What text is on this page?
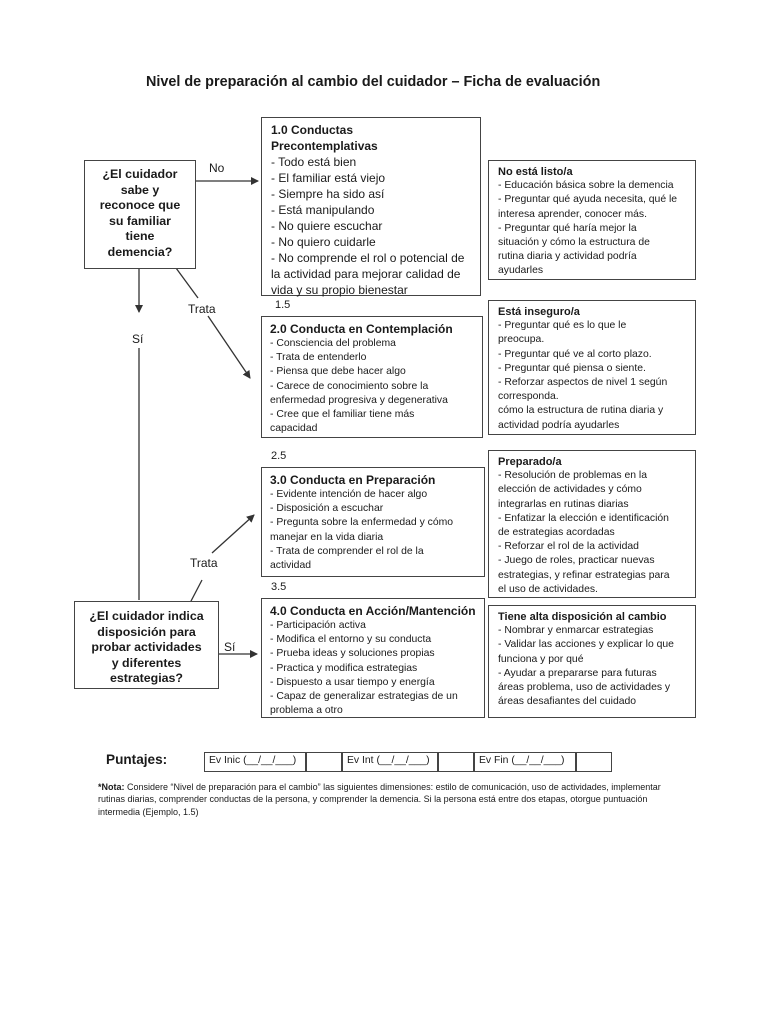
Nivel de preparación al cambio del cuidador – Ficha de evaluación
¿El cuidador
sabe y
reconoce que
su familiar
tiene
demencia?
¿El cuidador indica
disposición para
probar actividades
y diferentes
estrategias?
No
Sí
Trata
Trata
Sí
1.5
2.5
3.5
1.0 Conductas
Precontemplativas
- Todo está bien
- El familiar está viejo
- Siempre ha sido así
- Está manipulando
- No quiere escuchar
- No quiero cuidarle
- No comprende el rol o potencial de
la actividad para mejorar calidad de
vida y su propio bienestar
2.0 Conducta en Contemplación
- Consciencia del problema
- Trata de entenderlo
- Piensa que debe hacer algo
- Carece de conocimiento sobre la
enfermedad progresiva y degenerativa
- Cree que el familiar tiene más
capacidad
3.0 Conducta en Preparación
- Evidente intención de hacer algo
- Disposición a escuchar
- Pregunta sobre la enfermedad y cómo
manejar en la vida diaria
- Trata de comprender el rol de la
actividad
4.0 Conducta en Acción/Mantención
- Participación activa
- Modifica el entorno y su conducta
- Prueba ideas y soluciones propias
- Practica y modifica estrategias
- Dispuesto a usar tiempo y energía
- Capaz de generalizar estrategias de un
problema a otro
No está listo/a
- Educación básica sobre la demencia
- Preguntar qué ayuda necesita, qué le
interesa aprender, conocer más.
- Preguntar qué haría mejor la
situación y cómo la estructura de
rutina diaria y actividad podría
ayudarles
Está inseguro/a
- Preguntar qué es lo que le
preocupa.
- Preguntar qué ve al corto plazo.
- Preguntar qué piensa o siente.
- Reforzar aspectos de nivel 1 según
corresponda.
cómo la estructura de rutina diaria y
actividad podría ayudarles
Preparado/a
- Resolución de problemas en la
elección de actividades y cómo
integrarlas en rutinas diarias
- Enfatizar la elección e identificación
de estrategias acordadas
- Reforzar el rol de la actividad
- Juego de roles, practicar nuevas
estrategias, y refinar estrategias para
el uso de actividades.
Tiene alta disposición al cambio
- Nombrar y enmarcar estrategias
- Validar las acciones y explicar lo que
funciona y por qué
- Ayudar a prepararse para futuras
áreas problema, uso de actividades y
áreas desafiantes del cuidado
Puntajes:	Ev Inic (__/__/___)	Ev Int (__/__/___)	Ev Fin (__/__/___)
*Nota: Considere “Nivel de preparación para el cambio” las siguientes dimensiones: estilo de comunicación, uso de actividades, implementar rutinas diarias, comprender conductas de la persona, y comprender la demencia. Si la persona está entre dos etapas, otorgue puntuación intermedia (Ejemplo, 1.5)
